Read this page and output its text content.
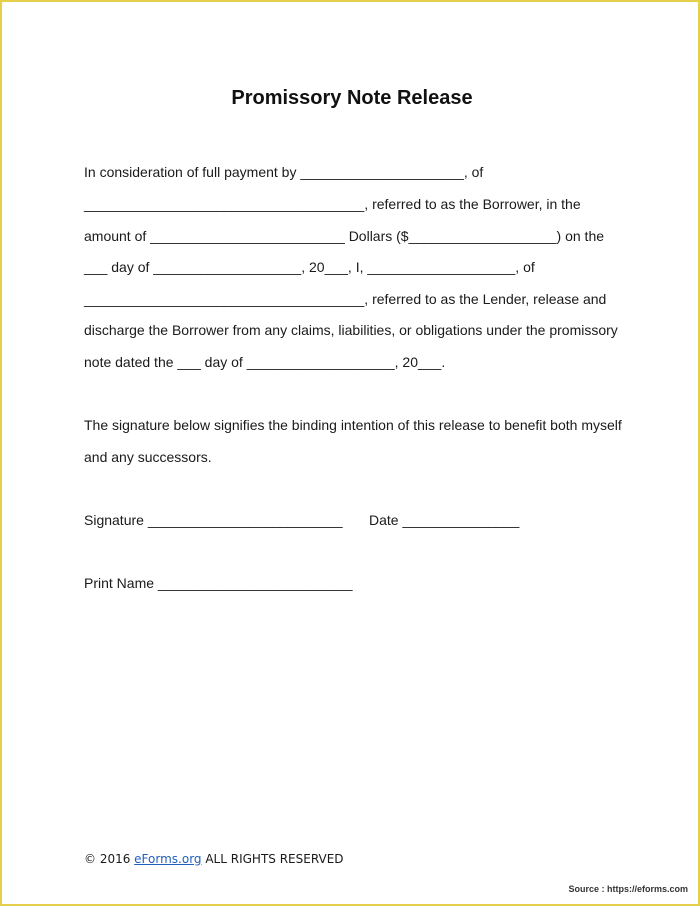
Promissory Note Release
In consideration of full payment by _____________________, of
____________________________________, referred to as the Borrower, in the
amount of _________________________ Dollars ($___________________) on the
___ day of ___________________, 20___, I, ___________________, of
____________________________________, referred to as the Lender, release and
discharge the Borrower from any claims, liabilities, or obligations under the promissory
note dated the ___ day of ___________________, 20___.
The signature below signifies the binding intention of this release to benefit both myself
and any successors.
Signature _________________________ Date _______________
Print Name _________________________
© 2016 eForms.org ALL RIGHTS RESERVED
Source : https://eforms.com
